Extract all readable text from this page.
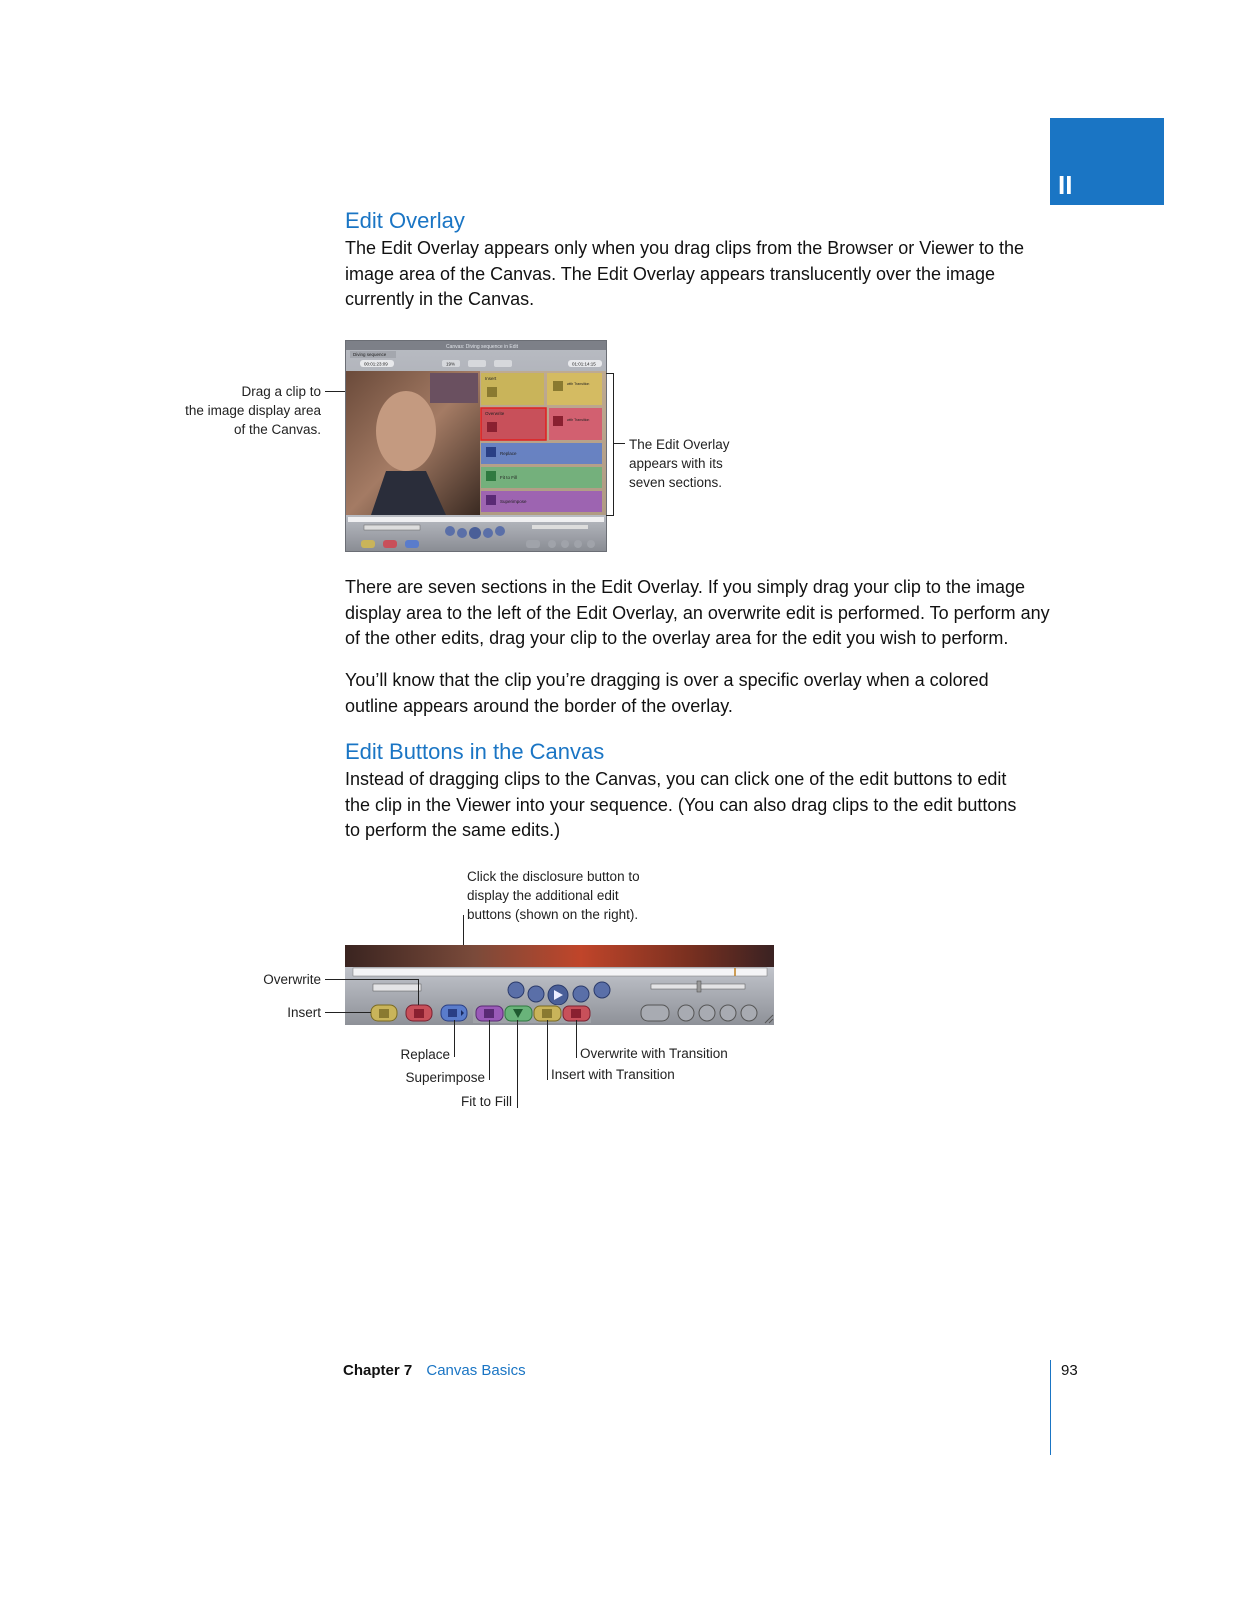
II
Edit Overlay

The Edit Overlay appears only when you drag clips from the Browser or Viewer to the

image area of the Canvas. The Edit Overlay appears translucently over the image

currently in the Canvas.

Drag a clip to
the image display area
of the Canvas.
Canvas: Diving sequence in Edit
Diving sequence
00:01:23:09	19%	01:01:14:15
Insert
with Transition
Overwrite
with Transition
Replace
Fit to Fill
Superimpose
The Edit Overlay
appears with its
seven sections.

There are seven sections in the Edit Overlay. If you simply drag your clip to the image

display area to the left of the Edit Overlay, an overwrite edit is performed. To perform any

of the other edits, drag your clip to the overlay area for the edit you wish to perform.

You’ll know that the clip you’re dragging is over a specific overlay when a colored

outline appears around the border of the overlay.

Edit Buttons in the Canvas

Instead of dragging clips to the Canvas, you can click one of the edit buttons to edit

the clip in the Viewer into your sequence. (You can also drag clips to the edit buttons

to perform the same edits.)

Click the disclosure button to
display the additional edit
buttons (shown on the right).
Overwrite
Insert
Replace
Superimpose
Fit to Fill
Insert with Transition
Overwrite with Transition
Chapter 7 Canvas Basics	93
